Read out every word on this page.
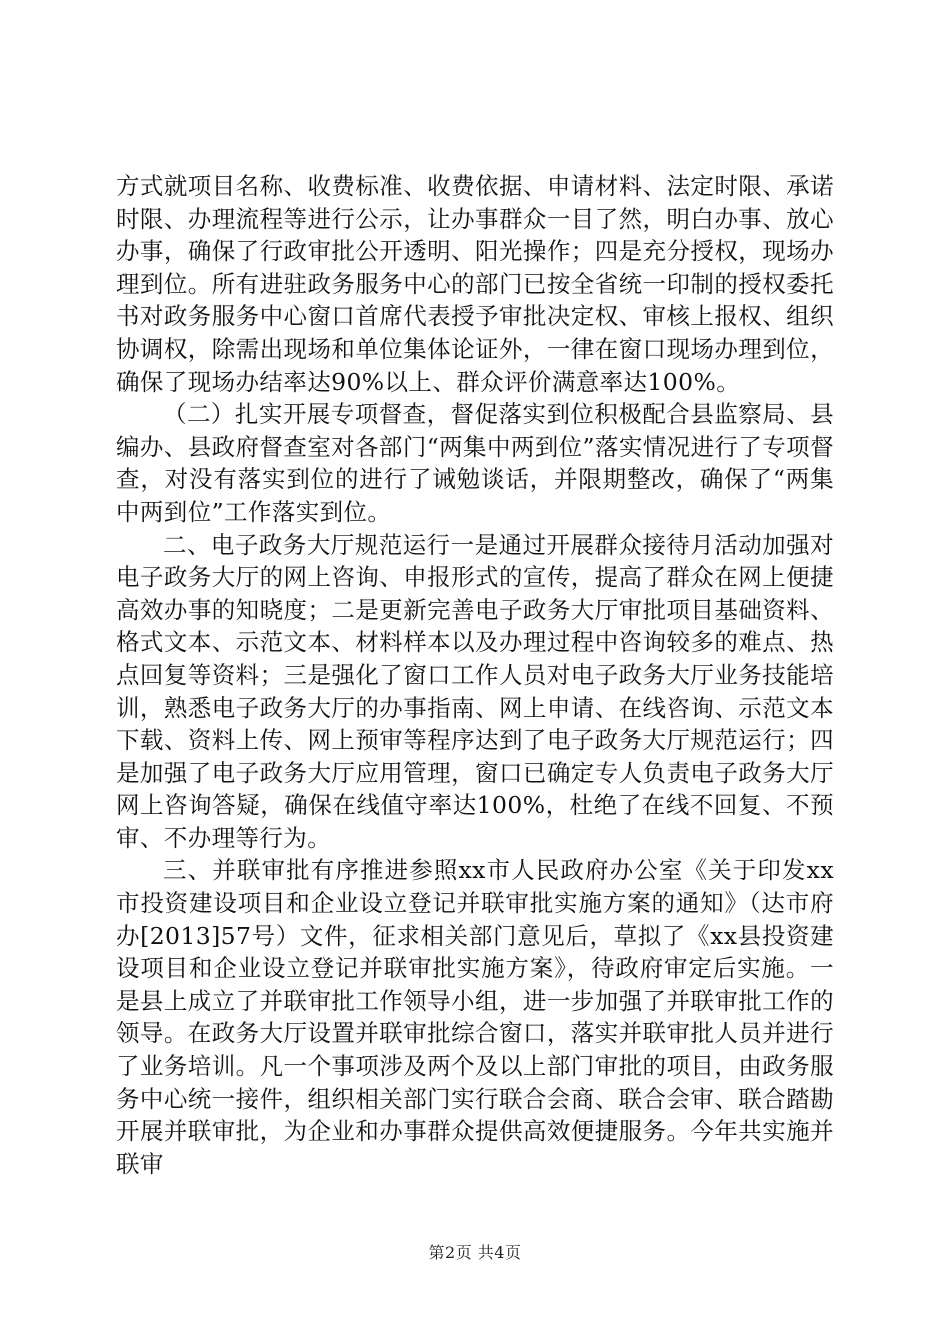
方式就项目名称、收费标准、收费依据、申请材料、法定时限、承诺时限、办理流程等进行公示，让办事群众一目了然，明白办事、放心办事，确保了行政审批公开透明、阳光操作；四是充分授权，现场办理到位。所有进驻政务服务中心的部门已按全省统一印制的授权委托书对政务服务中心窗口首席代表授予审批决定权、审核上报权、组织协调权，除需出现场和单位集体论证外，一律在窗口现场办理到位，确保了现场办结率达90%以上、群众评价满意率达100%。

（二）扎实开展专项督查，督促落实到位积极配合县监察局、县编办、县政府督查室对各部门“两集中两到位”落实情况进行了专项督查，对没有落实到位的进行了诫勉谈话，并限期整改，确保了“两集中两到位”工作落实到位。

二、电子政务大厅规范运行一是通过开展群众接待月活动加强对电子政务大厅的网上咨询、申报形式的宣传，提高了群众在网上便捷高效办事的知晓度；二是更新完善电子政务大厅审批项目基础资料、格式文本、示范文本、材料样本以及办理过程中咨询较多的难点、热点回复等资料；三是强化了窗口工作人员对电子政务大厅业务技能培训，熟悉电子政务大厅的办事指南、网上申请、在线咨询、示范文本下载、资料上传、网上预审等程序达到了电子政务大厅规范运行；四是加强了电子政务大厅应用管理，窗口已确定专人负责电子政务大厅网上咨询答疑，确保在线值守率达100%，杜绝了在线不回复、不预审、不办理等行为。

三、并联审批有序推进参照xx市人民政府办公室《关于印发xx市投资建设项目和企业设立登记并联审批实施方案的通知》（达市府办[2013]57号）文件，征求相关部门意见后，草拟了《xx县投资建设项目和企业设立登记并联审批实施方案》，待政府审定后实施。一是县上成立了并联审批工作领导小组，进一步加强了并联审批工作的领导。在政务大厅设置并联审批综合窗口，落实并联审批人员并进行了业务培训。凡一个事项涉及两个及以上部门审批的项目，由政务服务中心统一接件，组织相关部门实行联合会商、联合会审、联合踏勘开展并联审批，为企业和办事群众提供高效便捷服务。今年共实施并联审

第2页 共4页
